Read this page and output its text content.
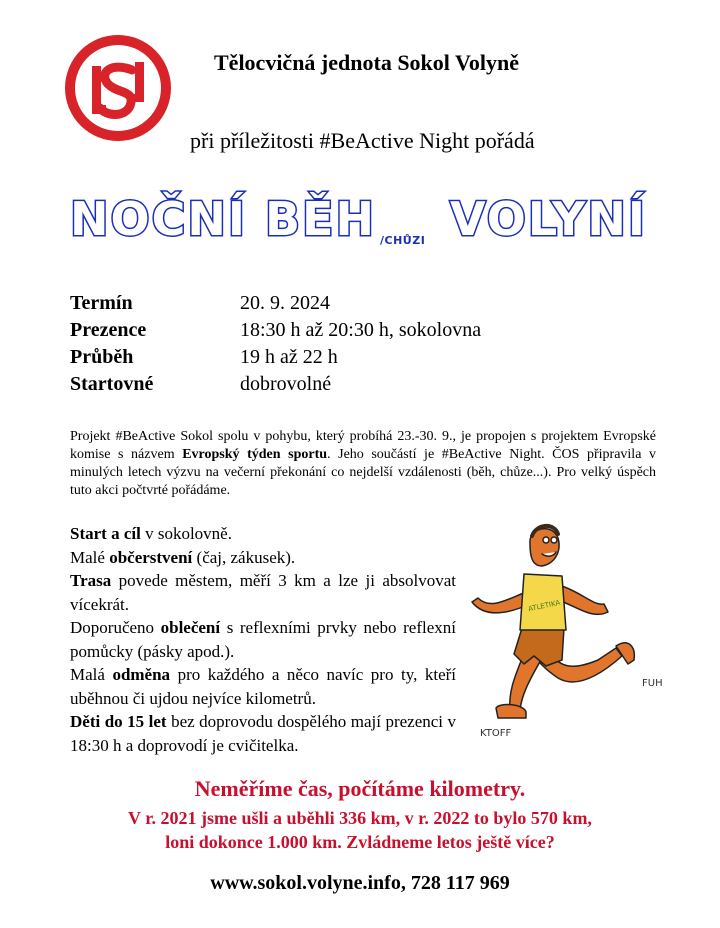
Tělocvičná jednota Sokol Volyně
při příležitosti #BeActive Night pořádá
NOČNÍ BĚH /CHŮZI VOLYNÍ
Termín	20. 9. 2024
Prezence	18:30 h až 20:30 h, sokolovna
Průběh	19 h až 22 h
Startovné	dobrovolné
Projekt #BeActive Sokol spolu v pohybu, který probíhá 23.-30. 9., je propojen s projektem Evropské komise s názvem Evropský týden sportu. Jeho součástí je #BeActive Night. ČOS připravila v minulých letech výzvu na večerní překonání co nejdelší vzdálenosti (běh, chůze...). Pro velký úspěch tuto akci počtvrté pořádáme.
Start a cíl v sokolovně.
Malé občerstvení (čaj, zákusek).
Trasa povede městem, měří 3 km a lze ji absolvovat vícekrát.
Doporučeno oblečení s reflexními prvky nebo reflexní pomůcky (pásky apod.).
Malá odměna pro každého a něco navíc pro ty, kteří uběhnou či ujdou nejvíce kilometrů.
Děti do 15 let bez doprovodu dospělého mají prezenci v 18:30 h a doprovodí je cvičitelka.
ATLETIKA
FUH
KTOFF
Neměříme čas, počítáme kilometry.
V r. 2021 jsme ušli a uběhli 336 km, v r. 2022 to bylo 570 km,
loni dokonce 1.000 km. Zvládneme letos ještě více?
www.sokol.volyne.info, 728 117 969
